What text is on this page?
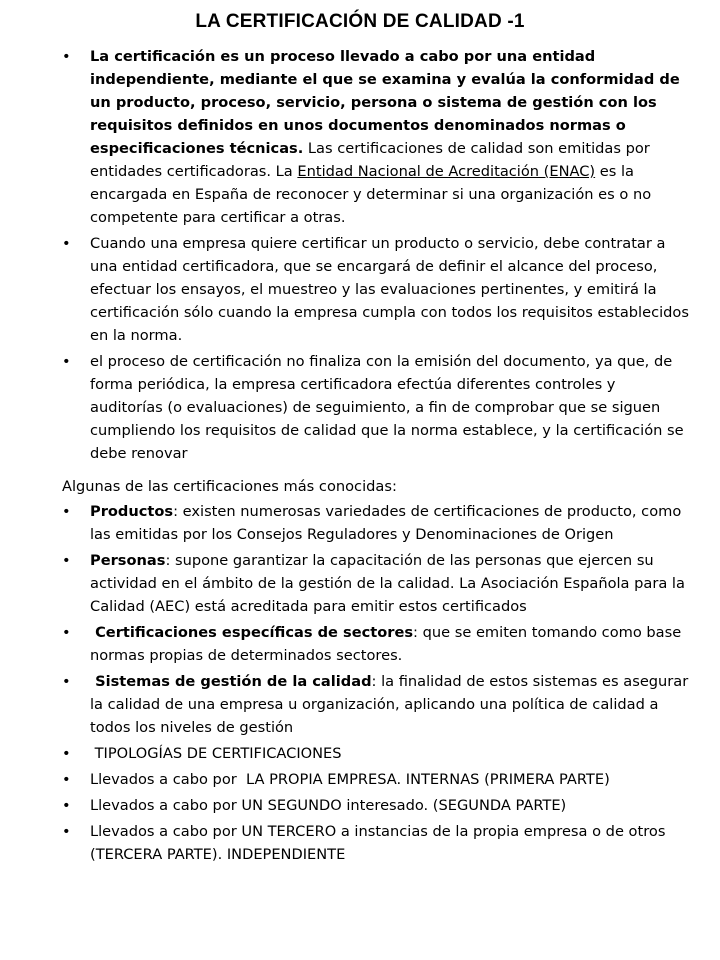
LA CERTIFICACIÓN DE CALIDAD -1
•	La certificación es un proceso llevado a cabo por una entidad independiente, mediante el que se examina y evalúa la conformidad de un producto, proceso, servicio, persona o sistema de gestión con los requisitos definidos en unos documentos denominados normas o especificaciones técnicas. Las certificaciones de calidad son emitidas por entidades certificadoras. La Entidad Nacional de Acreditación (ENAC) es la encargada en España de reconocer y determinar si una organización es o no competente para certificar a otras.
•	Cuando una empresa quiere certificar un producto o servicio, debe contratar a una entidad certificadora, que se encargará de definir el alcance del proceso, efectuar los ensayos, el muestreo y las evaluaciones pertinentes, y emitirá la certificación sólo cuando la empresa cumpla con todos los requisitos establecidos en la norma.
•	el proceso de certificación no finaliza con la emisión del documento, ya que, de forma periódica, la empresa certificadora efectúa diferentes controles y auditorías (o evaluaciones) de seguimiento, a fin de comprobar que se siguen cumpliendo los requisitos de calidad que la norma establece, y la certificación se debe renovar

Algunas de las certificaciones más conocidas:

•	Productos: existen numerosas variedades de certificaciones de producto, como las emitidas por los Consejos Reguladores y Denominaciones de Origen
•	Personas: supone garantizar la capacitación de las personas que ejercen su actividad en el ámbito de la gestión de la calidad. La Asociación Española para la Calidad (AEC) está acreditada para emitir estos certificados
•	Certificaciones específicas de sectores: que se emiten tomando como base normas propias de determinados sectores.
•	Sistemas de gestión de la calidad: la finalidad de estos sistemas es asegurar la calidad de una empresa u organización, aplicando una política de calidad a todos los niveles de gestión
•	TIPOLOGÍAS DE CERTIFICACIONES
•	Llevados a cabo por  LA PROPIA EMPRESA. INTERNAS (PRIMERA PARTE)
•	Llevados a cabo por UN SEGUNDO interesado. (SEGUNDA PARTE)
•	Llevados a cabo por UN TERCERO a instancias de la propia empresa o de otros (TERCERA PARTE). INDEPENDIENTE
